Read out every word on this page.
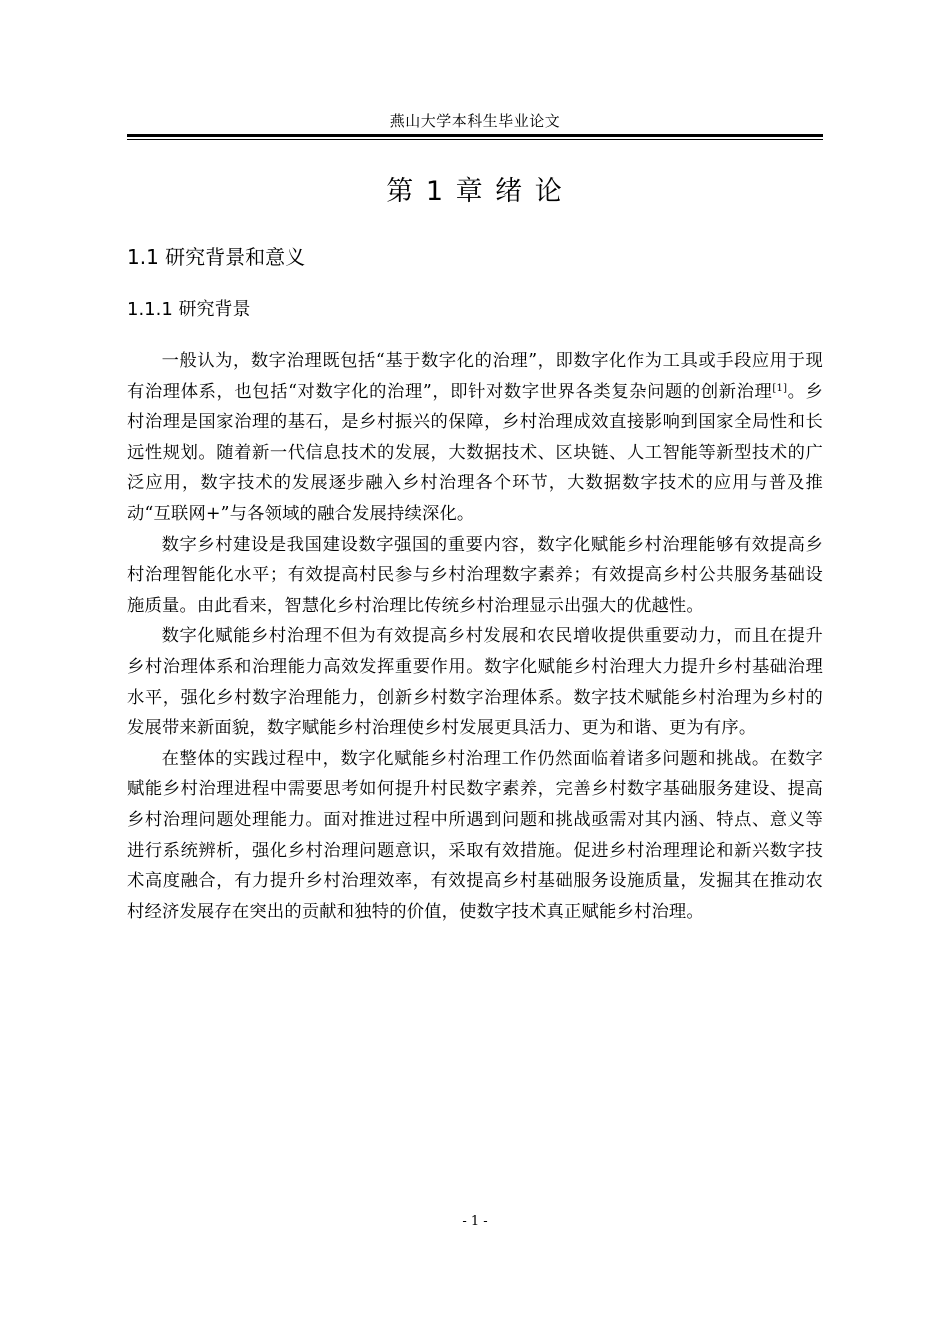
燕山大学本科生毕业论文
第 1 章 绪 论
1.1 研究背景和意义
1.1.1 研究背景

一般认为，数字治理既包括“基于数字化的治理”，即数字化作为工具或手段应用于现有治理体系，也包括“对数字化的治理”，即针对数字世界各类复杂问题的创新治理[1]。乡村治理是国家治理的基石，是乡村振兴的保障，乡村治理成效直接影响到国家全局性和长远性规划。随着新一代信息技术的发展，大数据技术、区块链、人工智能等新型技术的广泛应用，数字技术的发展逐步融入乡村治理各个环节，大数据数字技术的应用与普及推动“互联网+”与各领域的融合发展持续深化。

数字乡村建设是我国建设数字强国的重要内容，数字化赋能乡村治理能够有效提高乡村治理智能化水平；有效提高村民参与乡村治理数字素养；有效提高乡村公共服务基础设施质量。由此看来，智慧化乡村治理比传统乡村治理显示出强大的优越性。

数字化赋能乡村治理不但为有效提高乡村发展和农民增收提供重要动力，而且在提升乡村治理体系和治理能力高效发挥重要作用。数字化赋能乡村治理大力提升乡村基础治理水平，强化乡村数字治理能力，创新乡村数字治理体系。数字技术赋能乡村治理为乡村的发展带来新面貌，数字赋能乡村治理使乡村发展更具活力、更为和谐、更为有序。

在整体的实践过程中，数字化赋能乡村治理工作仍然面临着诸多问题和挑战。在数字赋能乡村治理进程中需要思考如何提升村民数字素养，完善乡村数字基础服务建设、提高乡村治理问题处理能力。面对推进过程中所遇到问题和挑战亟需对其内涵、特点、意义等进行系统辨析，强化乡村治理问题意识，采取有效措施。促进乡村治理理论和新兴数字技术高度融合，有力提升乡村治理效率，有效提高乡村基础服务设施质量，发掘其在推动农村经济发展存在突出的贡献和独特的价值，使数字技术真正赋能乡村治理。

- 1 -
